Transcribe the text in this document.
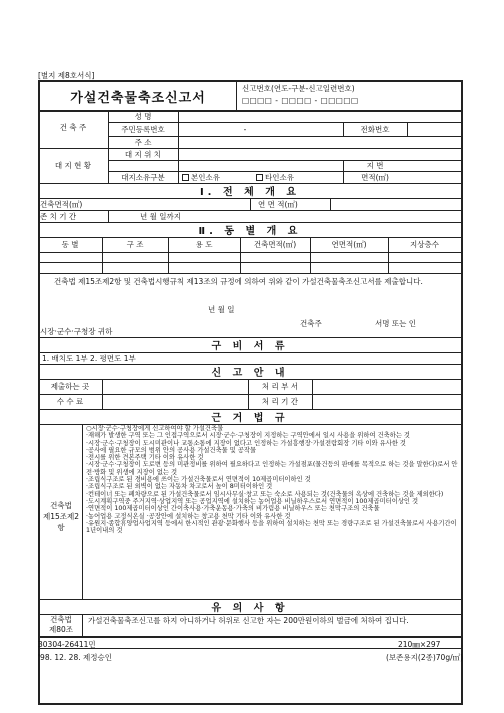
[별지 제8호서식]
가설건축물축조신고서
신고번호(연도-구분-신고일련번호)
□□□□ - □□□□ - □□□□□
건 축 주
성 명
주민등록번호	-	전화번호
주 소
대 지 현 황
대 지 위 치
지 번
대지소유구분	본인소유	타인소유	면적(㎡)
Ⅰ. 전 체 개 요
건축면적(㎡)	연 면 적(㎡)
존 치 기 간	년 월 일까지
Ⅱ. 동 별 개 요
동 별	구 조	용 도	건축면적(㎡)	연면적(㎡)	지상층수
건축법 제15조제2항 및 건축법시행규칙 제13조의 규정에 의하여 위와 같이 가설건축물축조신고서를 제출합니다.
년 월 일
건축주	서명 또는 인
시장·군수·구청장 귀하
구 비 서 류
1. 배치도 1부 2. 평면도 1부
신 고 안 내
제출하는 곳	처 리 부 서
수 수 료	처 리 기 간
근 거 법 규
건축법
제15조제2항
○시장·군수·구청장에게 신고하여야 할 가설건축물
·재해가 발생한 구역 또는 그 인접구역으로서 시장·군수·구청장이 지정하는 구역안에서 일시 사용을 위하여 건축하는 것
·시장·군수·구청장이 도시미관이나 교통소통에 지장이 없다고 인정하는 가설흥행장·가설전람회장 기타 이와 유사한 것
·공사에 필요한 규모의 범위 안의 공사용 가설건축물 및 공작물
·전시를 위한 견본주택 기타 이와 유사한 것
·시장·군수·구청장이 도로변 등의 미관정비를 위하여 필요하다고 인정하는 가설점포(물건등의 판매를 목적으로 하는 것을 말한다)로서 안전·방화 및 위생에 지장이 없는 것
·조립식구조로 된 경비용에 쓰이는 가설건축물로서 연면적이 10제곱미터이하인 것
·조립식구조로 된 외벽이 없는 자동차 차고로서 높이 8미터이하인 것
·컨테이너 또는 폐차량으로 된 가설건축물로서 임시사무실·창고 또는 숙소로 사용되는 것(건축물의 옥상에 건축하는 것을 제외한다)
·도시계획구역중 주거지역·상업지역 또는 공업지역에 설치하는 농어업용 비닐하우스로서 연면적이 100제곱미터이상인 것
·연면적이 100제곱미터이상인 간이축사용·가축운동용·가축의 비가림용 비닐하우스 또는 천막구조의 건축물
·농어업용 고정식온실 ·공장안에 설치하는 창고용 천막 기타 이와 유사한 것
·유원지·종합휴양업사업지역 등에서 한시적인 관광·문화행사 등을 위하여 설치하는 천막 또는 경량구조로 된 가설건축물로서 사용기간이 1년이내의 것
유 의 사 항
건축법
제80조
가설건축물축조신고를 하지 아니하거나 허위로 신고한 자는 200만원이하의 벌금에 처하여 집니다.
30304-26411민	210㎜×297
'98. 12. 28. 제정승인	(보존용지(2종)70g/㎡)
